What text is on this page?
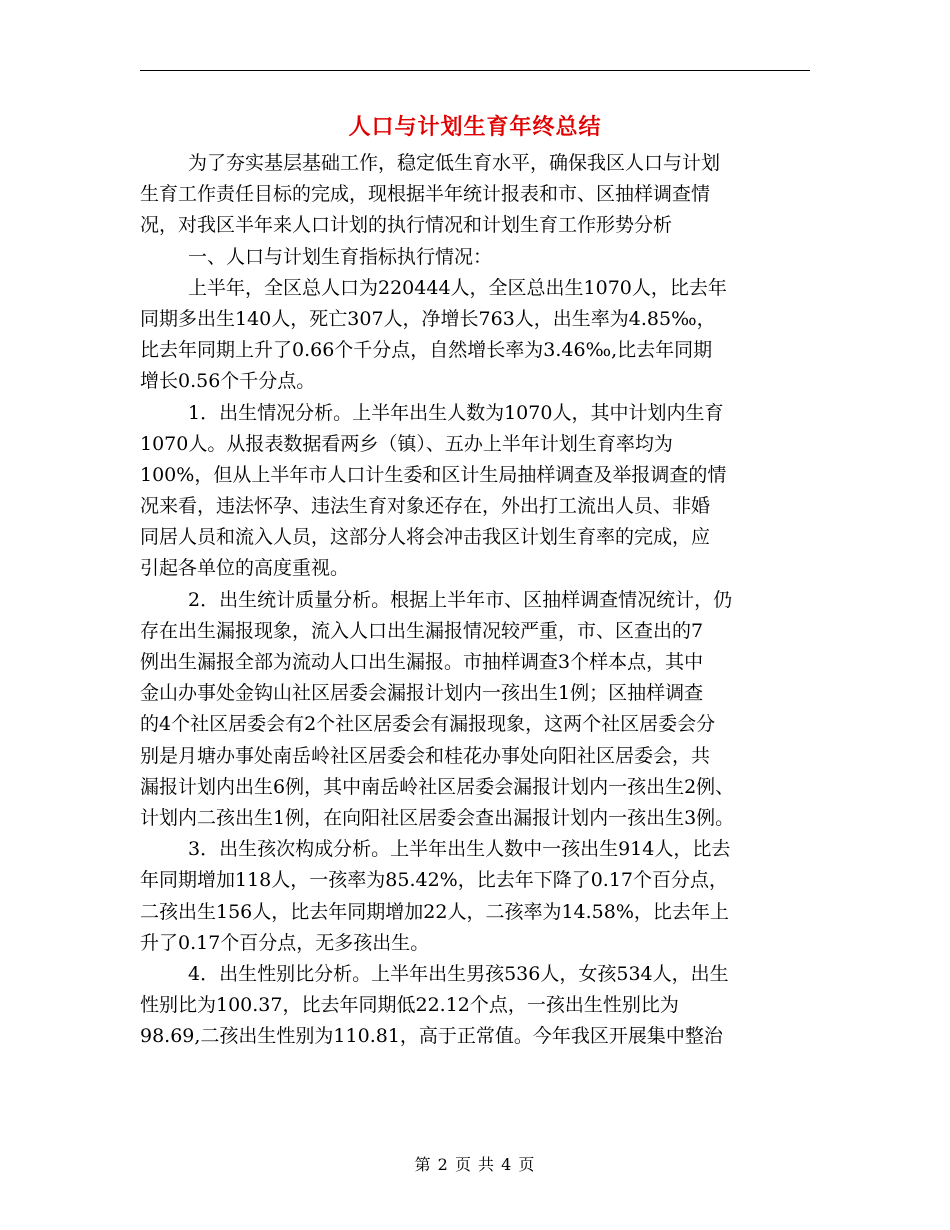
人口与计划生育年终总结
为了夯实基层基础工作，稳定低生育水平，确保我区人口与计划
生育工作责任目标的完成，现根据半年统计报表和市、区抽样调查情
况，对我区半年来人口计划的执行情况和计划生育工作形势分析
一、人口与计划生育指标执行情况：
上半年，全区总人口为220444人，全区总出生1070人，比去年
同期多出生140人，死亡307人，净增长763人，出生率为4.85‰，
比去年同期上升了0.66个千分点，自然增长率为3.46‰,比去年同期
增长0.56个千分点。
1．出生情况分析。上半年出生人数为1070人，其中计划内生育
1070人。从报表数据看两乡（镇）、五办上半年计划生育率均为
100%，但从上半年市人口计生委和区计生局抽样调查及举报调查的情
况来看，违法怀孕、违法生育对象还存在，外出打工流出人员、非婚
同居人员和流入人员，这部分人将会冲击我区计划生育率的完成，应
引起各单位的高度重视。
2．出生统计质量分析。根据上半年市、区抽样调查情况统计，仍
存在出生漏报现象，流入人口出生漏报情况较严重，市、区查出的7
例出生漏报全部为流动人口出生漏报。市抽样调查3个样本点，其中
金山办事处金钩山社区居委会漏报计划内一孩出生1例；区抽样调查
的4个社区居委会有2个社区居委会有漏报现象，这两个社区居委会分
别是月塘办事处南岳岭社区居委会和桂花办事处向阳社区居委会，共
漏报计划内出生6例，其中南岳岭社区居委会漏报计划内一孩出生2例、
计划内二孩出生1例，在向阳社区居委会查出漏报计划内一孩出生3例。
3．出生孩次构成分析。上半年出生人数中一孩出生914人，比去
年同期增加118人，一孩率为85.42%，比去年下降了0.17个百分点，
二孩出生156人，比去年同期增加22人，二孩率为14.58%，比去年上
升了0.17个百分点，无多孩出生。
4．出生性别比分析。上半年出生男孩536人，女孩534人，出生
性别比为100.37，比去年同期低22.12个点，一孩出生性别比为
98.69,二孩出生性别为110.81，高于正常值。今年我区开展集中整治
第 2 页 共 4 页
